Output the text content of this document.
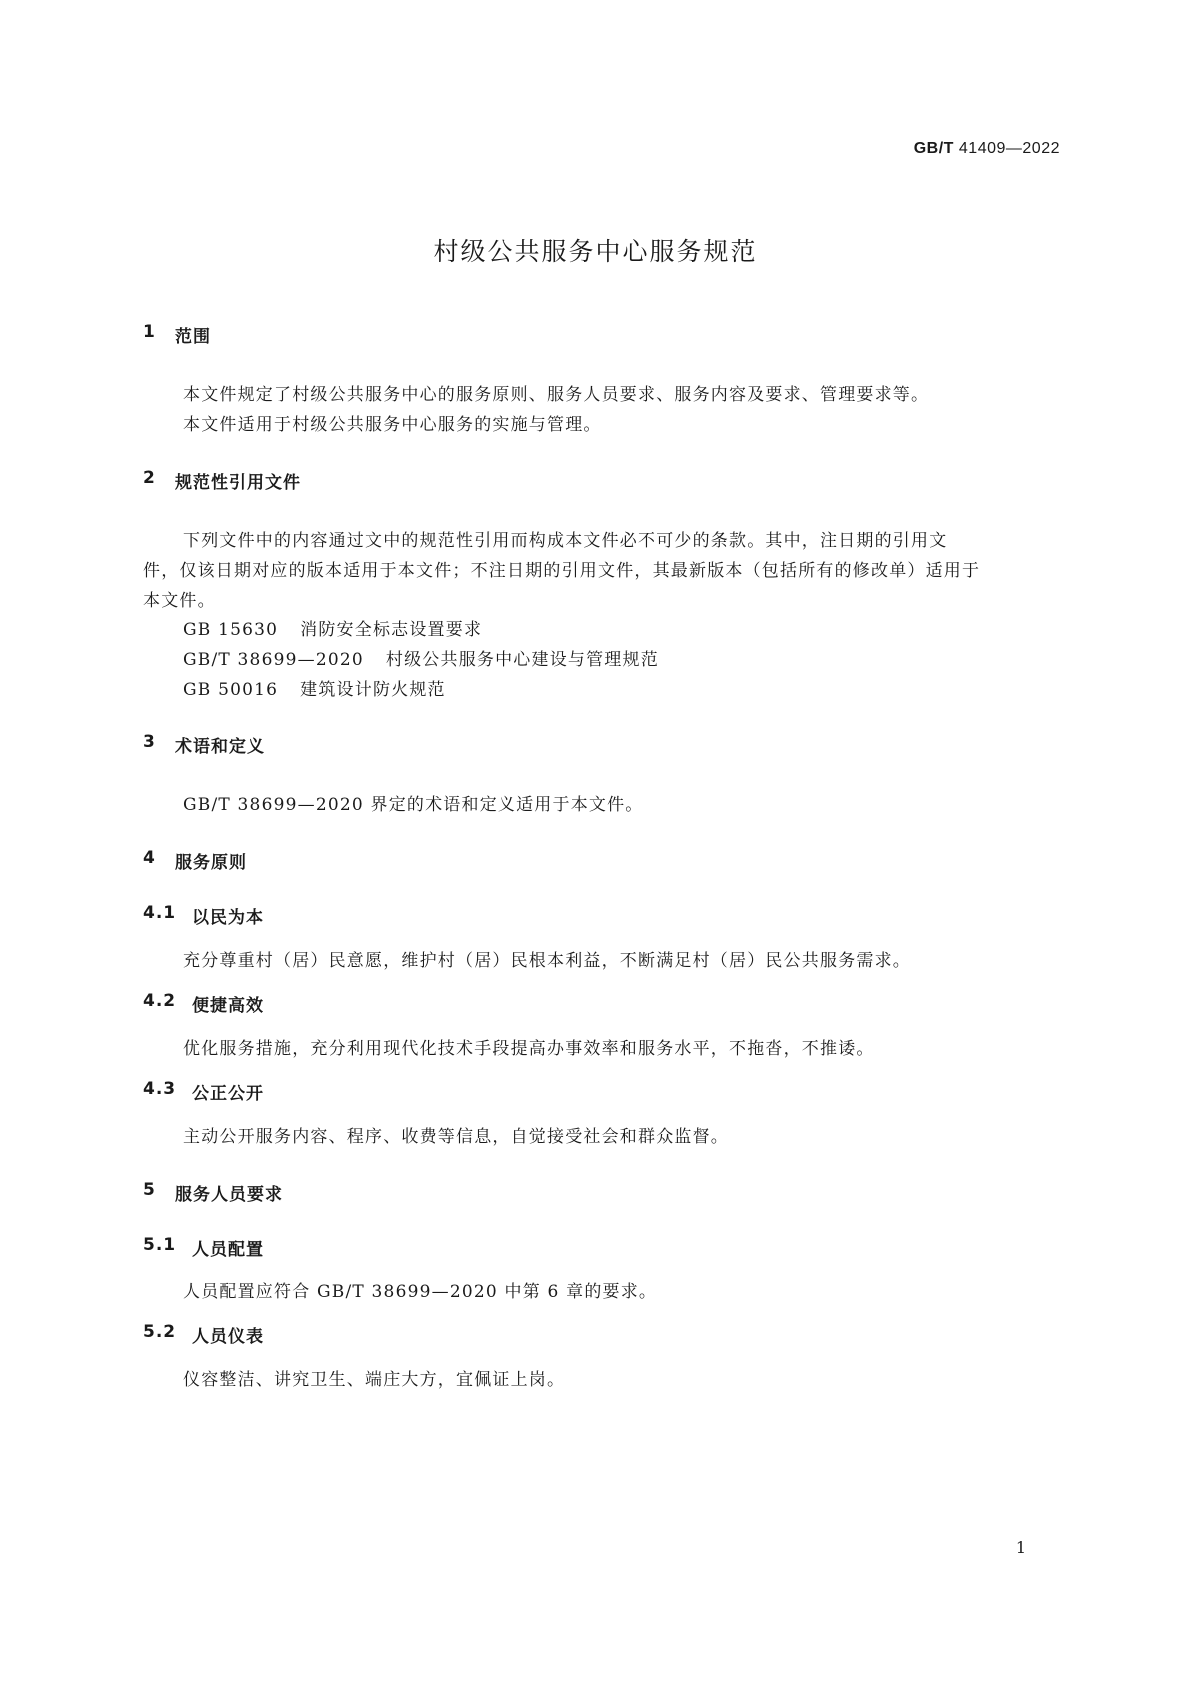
GB/T 41409—2022
村级公共服务中心服务规范
1 范围
本文件规定了村级公共服务中心的服务原则、服务人员要求、服务内容及要求、管理要求等。
本文件适用于村级公共服务中心服务的实施与管理。
2 规范性引用文件
下列文件中的内容通过文中的规范性引用而构成本文件必不可少的条款。其中，注日期的引用文
件，仅该日期对应的版本适用于本文件；不注日期的引用文件，其最新版本（包括所有的修改单）适用于
本文件。
GB 15630 消防安全标志设置要求
GB/T 38699—2020 村级公共服务中心建设与管理规范
GB 50016 建筑设计防火规范
3 术语和定义
GB/T 38699—2020 界定的术语和定义适用于本文件。
4 服务原则
4.1 以民为本
充分尊重村（居）民意愿，维护村（居）民根本利益，不断满足村（居）民公共服务需求。
4.2 便捷高效
优化服务措施，充分利用现代化技术手段提高办事效率和服务水平，不拖沓，不推诿。
4.3 公正公开
主动公开服务内容、程序、收费等信息，自觉接受社会和群众监督。
5 服务人员要求
5.1 人员配置
人员配置应符合 GB/T 38699—2020 中第 6 章的要求。
5.2 人员仪表
仪容整洁、讲究卫生、端庄大方，宜佩证上岗。
1
